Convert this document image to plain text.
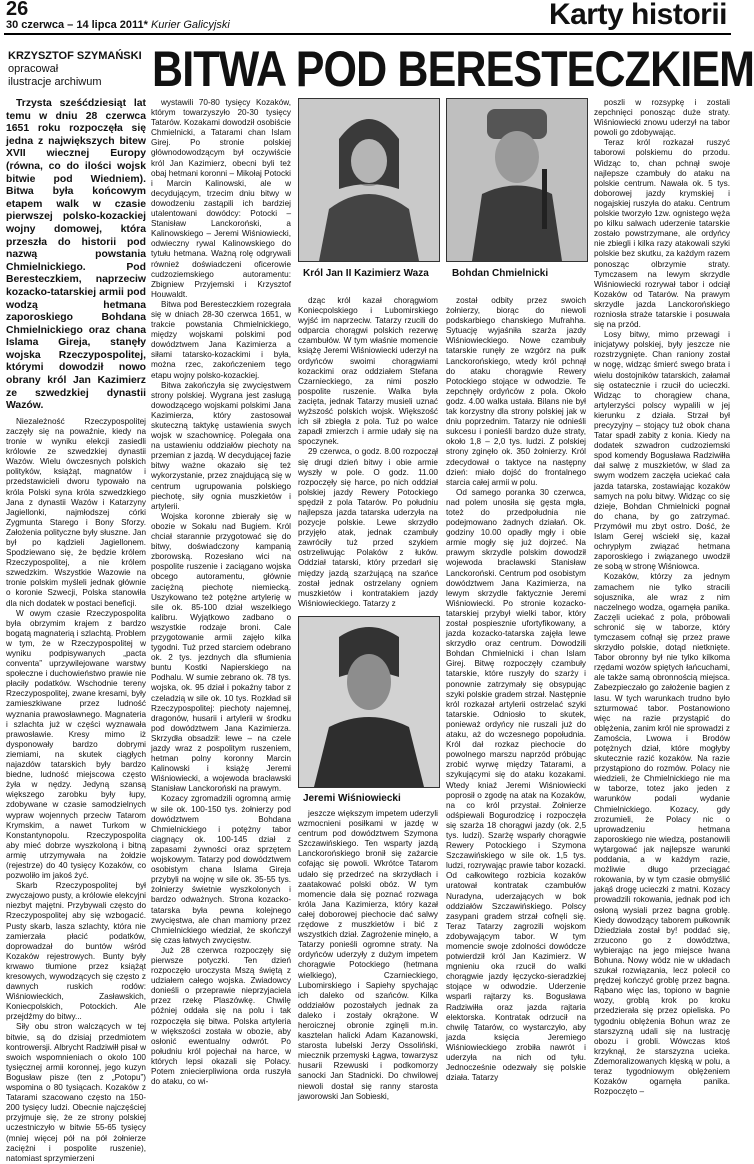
26
30 czerwca – 14 lipca 2011* Kurier Galicyjski	Karty historii
KRZYSZTOF SZYMAŃSKI
opracował
ilustracje archiwum	BITWA POD BERESTECZKIEM
Trzysta sześćdziesiąt lat temu w dniu 28 czerwca 1651 roku rozpoczęła się jedna z największych bitew XVII wiecznej Europy (równa, co do ilości wojsk bitwie pod Wiedniem). Bitwa była końcowym etapem walk w czasie pierwszej polsko-kozackiej wojny domowej, która przeszła do historii pod nazwą powstania Chmielnickiego. Pod Beresteczkiem, naprzeciw kozacko-tatarskiej armii pod wodzą hetmana zaporoskiego Bohdana Chmielnickiego oraz chana Islama Gireja, stanęły wojska Rzeczypospolitej, którymi dowodził nowo obrany król Jan Kazimierz ze szwedzkiej dynastii Wazów.

Niezależność Rzeczypospolitej zaczęły się na powaźnie, kiedy na tronie w wyniku elekcji zasiedli królowie ze szwedzkiej dynastii Wazów. Wielu ówczesnych polskich polityków, książąt, magnatów i przedstawicieli dworu typowało na króla Polski syna króla szwedzkiego Jana z dynastii Wazów i Katarzyny Jagiellonki, najmłodszej córki Zygmunta Starego i Bony Sforzy. Założenia polityczne były słuszne. Jan był po kądzieli Jagiellonem. Spodziewano się, że będzie królem Rzeczypospolitej, a nie królem szwedzkim. Wszystkie Wazowie na tronie polskim myśleli jednak głównie o koronie Szwecji, Polska stanowiła dla nich dodatek w postaci beneficji.

W owym czasie Rzeczypospolita była obrzymim krajem z bardzo bogatą magnaterią i szlachtą. Problem w tym, że w Rzeczypospolitej w wyniku podpisywanych „pacta conventa” uprzywilejowane warstwy społeczne i duchowieństwo prawie nie płaciły podatków. Wschodnie tereny Rzeczypospolitej, zwane kresami, były zamieszkiwane przez ludność wyznania prawosławnego. Magnateria i szlachta już w części wyznawała prawosławie. Kresy mimo iż dysponowały bardzo dobrymi ziemiami, na skutek ciągłych najazdów tatarskich były bardzo biedne, ludność miejscowa często żyła w nędzy. Jedyną szansą większego zarobku były łupy, zdobywane w czasie samodzielnych wypraw wojennych przeciw Tatarom Krymskim, a nawet Turkom w Konstantynopolu. Rzeczypospolita aby mieć dobrze wyszkoloną i bitną armię utrzymywała na żołdzie (rejestrze) do 40 tysięcy Kozaków, co pozwoliło im jakoś żyć.

Skarb Rzeczypospolitej był zwyczajowo pusty, a królowie elekcyjni niezbyt majętni. Przybywali często do Rzeczypospolitej aby się wzbogacić. Pusty skarb, lasza szlachty, która nie zamierzała płacić podatków, doprowadzał do buntów wśród Kozaków rejestrowych. Bunty były krwawo tłumione przez książąt kresowych, wywodzących się często z dawnych ruskich rodów: Wiśniowieckich, Zasławskich, Koniecpolskich, Potockich. Ale przejdźmy do bitwy...

Siły obu stron walczących w tej bitwie, są do dzisiaj przedmiotem kontrowersji. Albrycht Radziwiłł pisał w swoich wspomnieniach o okolo 100 tysięcznej armii koronnej, jego kuzyn Bogusław pisze (ten z „Potopu”) wspomina o 80 tysiącach. Kozaków z Tatarami szacowano często na 150-200 tysięcy ludzi. Obecnie najczęściej przyjmuje się, że ze strony polskiej uczestniczyło w bitwie 55-65 tysięcy (mniej więcej pół na pół żołnierze zaciężni i pospolite ruszenie), natomiast sprzymierzeni

wystawili 70-80 tysięcy Kozaków, którym towarzyszyło 20-30 tysięcy Tatarów. Kozakami dowodził osobiście Chmielnicki, a Tatarami chan Islam Girej. Po stronie polskiej głównodowodzącym był oczywiście król Jan Kazimierz, obecni byli też obaj hetmani koronni – Mikołaj Potocki i Marcin Kalinowski, ale w decydującym, trzecim dniu bitwy w dowodzeniu zastąpili ich bardziej utalentowani dowódcy: Potocki – Stanisław Lanckoroński, a Kalinowskiego – Jeremi Wiśniowiecki, odwieczny rywal Kalinowskiego do tytułu hetmana. Ważną rolę odgrywali również doświadczeni oficerowie cudzoziemskiego autoramentu: Zbigniew Przyjemski i Krzysztof Houwaldt.

Bitwa pod Beresteczkiem rozegrała się w dniach 28-30 czerwca 1651, w trakcie powstania Chmielnickiego, między wojskami polskimi pod dowództwem Jana Kazimierza a siłami tatarsko-kozackimi i była, można rzec, zakończeniem tego etapu wojny polsko-kozackiej.

Bitwa zakończyła się zwycięstwem strony polskiej. Wygrana jest zasługą dowodzącego wojskami polskimi Jana Kazimierza, który zastosował skuteczną taktykę ustawienia swych wojsk w szachownicę. Polegała ona na ustawieniu oddziałów piechoty na przemian z jazdą. W decydującej fazie bitwy ważne okazało się też wykorzystanie, przez znajdującą się w centrum ugrupowania polskiego piechotę, siły ognia muszkietów i artylerii.

Wojska koronne zbierały się w obozie w Sokalu nad Bugiem. Król chciał starannie przygotować się do bitwy, doświadczony kampanią zborowską. Rozesłano wici na pospolite ruszenie i zaciągano wojska obcego autoramentu, głównie zaciężną piechotę niemiecką. Uszykowano też potężne artylerię w sile ok. 85-100 dział wszelkiego kalibru. Wyjątkowo zadbano o wszystkie rodzaje broni. Cale przygotowanie armii zajęło kilka tygodni. Tuż przed starciem odebrano ok. 2 tys. jezdnych dla sfłumienia buntu Kostki Napierskiego na Podhalu. W sumie zebrano ok. 78 tys. wojska, ok. 95 dział i pokaźny tabor z czeladzią w sile ok. 10 tys. Rozkład sił Rzeczypospolitej: piechoty najemnej, dragonów, husarii i artylerii w środku pod dowództwem Jana Kazimierza. Skrzydła obsadził: lewe – na czele jazdy wraz z pospolitym ruszeniem, hetman polny koronny Marcin Kalinowski i książę Jeremi Wiśniowiecki, a wojewoda bracławski Stanisław Lanckoroński na prawym.

Kozacy zgromadzili ogromną armię w sile ok. 100-150 tys. żołnierzy pod dowództwem Bohdana Chmielnickiego i potężny tabor ciągnący ok. 100-145 dział z zapasami żywności oraz sprzętem wojskowym. Tatarzy pod dowództwem osobistym chana Islama Gireja przybyli na wojnę w sile ok. 35-55 tys. żołnierzy świetnie wyszkolonych i bardzo odważnych. Strona kozacko-tatarska była pewna kolejnego zwycięstwa, ale chan mamiony przez Chmielnickiego wiedział, że skończył się czas łatwych zwycięstw.

Już 28 czerwca rozpoczęły się pierwsze potyczki. Ten dzień rozpoczęło uroczysta Mszą świętą z udziałem całego wojska. Zwiadowcy donieśli o przeprawie nieprzyjaciela przez rzekę Plaszówkę. Chwilę później oddała się na polu i tak rozpoczęła się bitwa. Polska artyleria w większości została w obozie, aby osłonić ewentualny odwrót. Po południu król pojechał na harce, w których lepsi okazali się Polacy. Potem zniecierpliwiona orda ruszyła do ataku, co wi-

Król Jan II Kazimierz Waza Bohdan Chmielnicki

dząc król kazał chorągwiom Koniecpolskiego i Lubomirskiego wyjść im naprzeciw. Tatarzy rzucili do odparcia chorągwi polskich rezerwę czambułów. W tym właśnie momencie książę Jeremi Wiśniowiecki uderzył na ordyńców swoimi chorągwiami kozackimi oraz oddziałem Stefana Czarnieckiego, za nimi poszło pospolite ruszenie. Walka była zacięta, jednak Tatarzy musieli uznać wyższość polskich wojsk. Większość ich sił zbiegła z pola. Tuż po walce zapadł zmierzch i armie udały się na spoczynek.

29 czerwca, o godz. 8.00 rozpoczął się drugi dzień bitwy i obie armie wyszły w pole. O godz. 11.00 rozpoczęły się harce, po nich oddział polskiej jazdy Rewery Potockiego spędził z pola Tatarów. Po południu najlepsza jazda tatarska uderzyła na pozycje polskie. Lewe skrzydło przyjęło atak, jednak czambuły zawróciły tuż przed szykiem ostrzeliwując Polaków z łuków. Oddział tatarski, który przedarł się między jazdą szarżującą na szańce został jednak ostrzelany ogniem muszkietów i kontratakiem jazdy Wiśniowieckiego. Tatarzy z

Jeremi Wiśniowiecki

jeszcze większym impetem uderzyli wzmocnieni posiłkami w jazdę w centrum pod dowództwem Szymona Szczawińskiego. Ten wsparty jazdą Lanckorońskiego bronił się zażarcie cofając się powoli. Wkrótce Tatarom udało się przedrzeć na skrzydłach i zaatakować polski obóz. W tym momencie dała się poznać rozwaga króla Jana Kazimierza, który kazał całej doborowej piechocie dać salwy rzędowe z muszkietów i bić z wszystkich dział. Zagrożenie minęło, a Tatarzy ponieśli ogromne straty. Na ordyńców uderzyły z dużym impetem chorągwie Potockiego (hetmana wielkiego), Czarnieckiego, Lubomirskiego i Sapiehy spychając ich daleko od szańców. Kilka oddziałów pozostałych jednak za daleko i zostały okrążone. W heroicznej obronie zginęli m.in. kasztelan halicki Adam Kazanowski, starosta lubelski Jerzy Ossoliński, miecznik przemyski Łągwa, towarzysz husarii Rzewuski i podkomorzy sanocki Jan Stadnicki. Do chwilowej niewoli dostał się ranny starosta jaworowski Jan Sobieski,

został odbity przez swoich żołnierzy, biorąc do niewoli podskarbiego chanskiego Mufrahha. Sytuację wyjaśniła szarża jazdy Wiśniowieckiego. Nowe czambuły tatarskie runęły ze wzgórz na pułk Lanckorońskiego, wtedy król pchnął do ataku chorągwie Rewery Potockiego stojące w odwodzie. Te zepchnęły ordyńców z pola. Około godz. 4.00 walka ustała. Bilans nie był tak korzystny dla strony polskiej jak w dniu poprzednim. Tatarzy nie odnieśli sukcesu i ponieśli bardzo duże straty, około 1,8 – 2,0 tys. ludzi. Z polskiej strony zginęło ok. 350 żołnierzy. Król zdecydował o taktyce na następny dzień: miało dojść do frontalnego starcia całej armii w polu.

Od samego poranka 30 czerwca, nad polem unosiła się gęsta mgła, toteż do przedpołudnia nie podejmowano żadnych działań. Ok. godziny 10.00 opadły mgły i obie armie mogły się już dojrzeć. Na prawym skrzydle polskim dowodził wojewoda bracławski Stanisław Lanckoroński. Centrum pod osobistym dowództwem Jana Kazimierza, na lewym skrzydle faktycznie Jeremi Wiśniowiecki. Po stronie kozacko-tatarskiej przybył wielki tabor, który został pospiesznie ufortyfikowany, a jazda kozacko-tatarska zajęła lewe skrzydło oraz centrum. Dowodzili Bohdan Chmielnicki i chan Islam Girej. Bitwę rozpoczęły czambuły tatarskie, które ruszyły do szarży i ponownie zatrzymały się obsypując szyki polskie gradem strzał. Następnie król rozkazał artylerii ostrzelać szyki tatarskie. Odniosło to skutek, ponieważ ordyńcy nie ruszali już do ataku, aż do wczesnego popołudnia. Król dał rozkaz piechocie do powolnego marszu naprzód próbując zrobić wyrwę między Tatarami, a szykującymi się do ataku kozakami. Wtedy kniaź Jeremi Wiśniowiecki poprosił o zgodę na atak na Kozaków, na co król przystał. Żołnierze odśpiewali Bogurodzicę i rozpoczęła się szarża 18 chorągwi jazdy (ok. 2,5 tys. ludzi). Szarżę wsparły chorągwie Rewery Potockiego i Szymona Szczawińskiego w sile ok. 1,5 tys. ludzi, rozrywając prawie tabor kozacki. Od całkowitego rozbicia kozaków uratował kontratak czambułów Nuradyna, uderzających w bok oddziałów Szczawińskiego. Polscy zasypani gradem strzał cofnęli się. Teraz Tatarzy zagrozili wojskom zdobywającym tabor. W tym momencie swoje zdolności dowódcze potwierdził król Jan Kazimierz. W mgnieniu oka rzucił do walki chorągwie jazdy łęczycko-sieradzkiej stojące w odwodzie. Uderzenie wsparli rajtarzy ks. Bogusława Radziwiłła oraz jazda rajtaria elektorska. Kontratak odrzucił na chwilę Tatarów, co wystarczyło, aby jazda księcia Jeremiego Wiśniowieckiego zrobiła nawrót i uderzyła na nich od tyłu. Jednocześnie odezwały się polskie działa. Tatarzy

poszli w rozsypkę i zostali zepchnięci ponosząc duże straty. Wiśniowiecki znowu uderzył na tabor powoli go zdobywając.

Teraz król rozkazał ruszyć taborowi polskiemu do przodu. Widząc to, chan pchnął swoje najlepsze czambuły do ataku na polskie centrum. Nawała ok. 5 tys. doborowej jazdy krymskiej i nogajskiej ruszyła do ataku. Centrum polskie tworzyło 1zw. ognistego węża po kilku salwach uderzenie tatarskie zostało powstrzymane, ale ordyńcy nie zbiegli i kilka razy atakowali szyki polskie bez skutku, za każdym razem ponosząc olbrzymie straty. Tymczasem na lewym skrzydle Wiśniowiecki rozrywał tabor i odciął Kozaków od Tatarów. Na prawym skrzydle jazda Lanckorońskiego rozniosła straże tatarskie i posuwała się na przód.

Losy bitwy, mimo przewagi i inicjatywy polskiej, były jeszcze nie rozstrzygnięte. Chan raniony został w nogę, widząc śmierć swego brata i wielu dostojników tatarskich, załamał się ostatecznie i rzucił do ucieczki. Widząc to chorągiew chana, artylerzyści polscy wypalili w jej kierunku z działa. Strzał był precyzyjny – stojący tuż obok chana Tatar spadł zabity z konia. Kiedy na dodatek szwadron cudzoziemski spod komendy Bogusława Radziwiłła dał salwę z muszkietów, w ślad za swym wodzem zaczęła uciekać cała jazda tatarska, zostawiając kozaków samych na polu bitwy. Widząc co się dzieje, Bohdan Chmielnicki pognał do chana, by go zatrzymać. Przymówił mu zbyt ostro. Dość, że Islam Gerej wściekł się, kazał ochrypłym związać hetmana zaporoskiego i związanego uwodził ze sobą w stronę Wiśniowca.

Kozaków, którzy za jednym zamachem nie tylko stracili sojusznika, ale wraz z nim naczelnego wodza, ogarnęła panika. Zaczęli uciekać z pola, próbowali schronić się w taborze, który tymczasem cofnął się przez prawe skrzydło polskie, dotąd nietknięte. Tabor obronny był nie tylko kilkoma rzędami wozów spiętych łańcuchami, ale także samą obronnością miejsca. Zabezpieczało go założenie bagien z lasu. W tych warunkach trudno było szturmować tabor. Postanowiono więc na razie przystąpić do oblężenia, zanim król nie sprowadzi z Zamościa, Lwowa i Brodów potężnych dział, które mogłyby skutecznie razić kozaków. Na razie przystąpiono do rozmów. Polacy nie wiedzieli, że Chmielnickiego nie ma w taborze, totez jako jeden z warunków podali wydanie Chmielnickiego. Kozacy, gdy zrozumieli, że Polacy nic o uprowadzeniu hetmana zaporoskiego nie wiedzą, postanowili wytargować jak najlepsze warunki poddania, a w każdym razie, możliwie długo przeciągać rokowania, by w tym czasie obmyślić jakąś drogę ucieczki z matni. Kozacy prowadzili rokowania, jednak pod ich osłoną wysiali przez bagna groblę. Kiedy dowodzący taborem pułkownik Dżiedziała został by! poddać się, zrzucono go z dowództwa, wybierając na jego miejsce Iwana Bohuna. Nowy wódz nie w układach szukał rozwiązania, lecz polecił co prędzej kończyć groblę przez bagna. Rąbano więc las, topiono w bagnie wozy, groblą krok po kroku przedzierała się przez opieliska. Po tygodniu oblężenia Bohun wraz ze starszyzną udali się na lustrację obozu i grobli. Wówczas ktoś krzyknął, że starszyzna ucieka. Zdemoralizowanych klęską w polu, a teraz tygodniowym oblężeniem Kozaków ogarnęła panika. Rozpoczęto –
